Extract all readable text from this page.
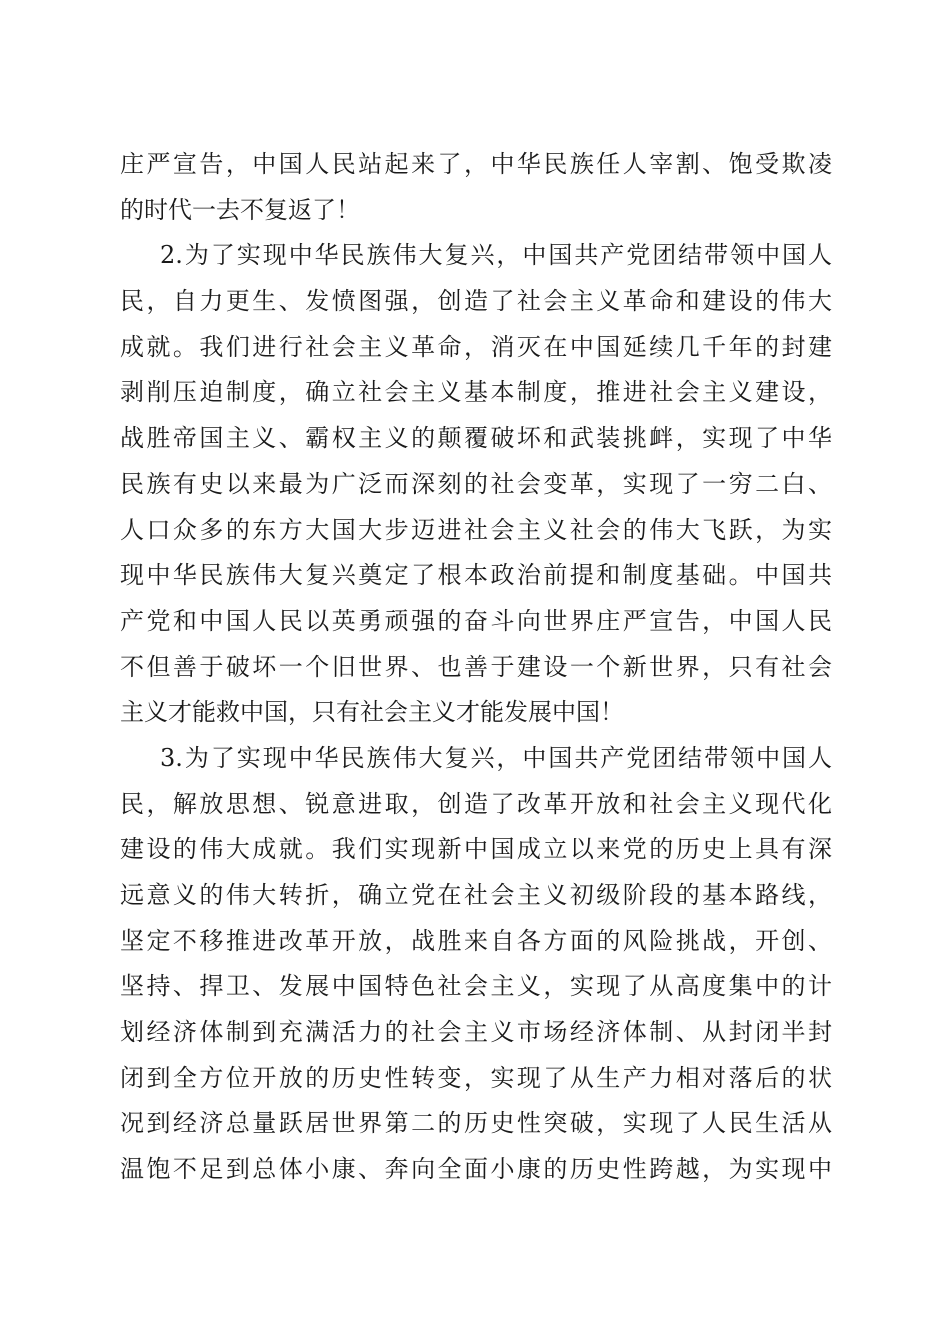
庄严宣告，中国人民站起来了，中华民族任人宰割、饱受欺凌
的时代一去不复返了！
2.为了实现中华民族伟大复兴，中国共产党团结带领中国人
民，自力更生、发愤图强，创造了社会主义革命和建设的伟大
成就。我们进行社会主义革命，消灭在中国延续几千年的封建
剥削压迫制度，确立社会主义基本制度，推进社会主义建设，
战胜帝国主义、霸权主义的颠覆破坏和武装挑衅，实现了中华
民族有史以来最为广泛而深刻的社会变革，实现了一穷二白、
人口众多的东方大国大步迈进社会主义社会的伟大飞跃，为实
现中华民族伟大复兴奠定了根本政治前提和制度基础。中国共
产党和中国人民以英勇顽强的奋斗向世界庄严宣告，中国人民
不但善于破坏一个旧世界、也善于建设一个新世界，只有社会
主义才能救中国，只有社会主义才能发展中国！
3.为了实现中华民族伟大复兴，中国共产党团结带领中国人
民，解放思想、锐意进取，创造了改革开放和社会主义现代化
建设的伟大成就。我们实现新中国成立以来党的历史上具有深
远意义的伟大转折，确立党在社会主义初级阶段的基本路线，
坚定不移推进改革开放，战胜来自各方面的风险挑战，开创、
坚持、捍卫、发展中国特色社会主义，实现了从高度集中的计
划经济体制到充满活力的社会主义市场经济体制、从封闭半封
闭到全方位开放的历史性转变，实现了从生产力相对落后的状
况到经济总量跃居世界第二的历史性突破，实现了人民生活从
温饱不足到总体小康、奔向全面小康的历史性跨越，为实现中
